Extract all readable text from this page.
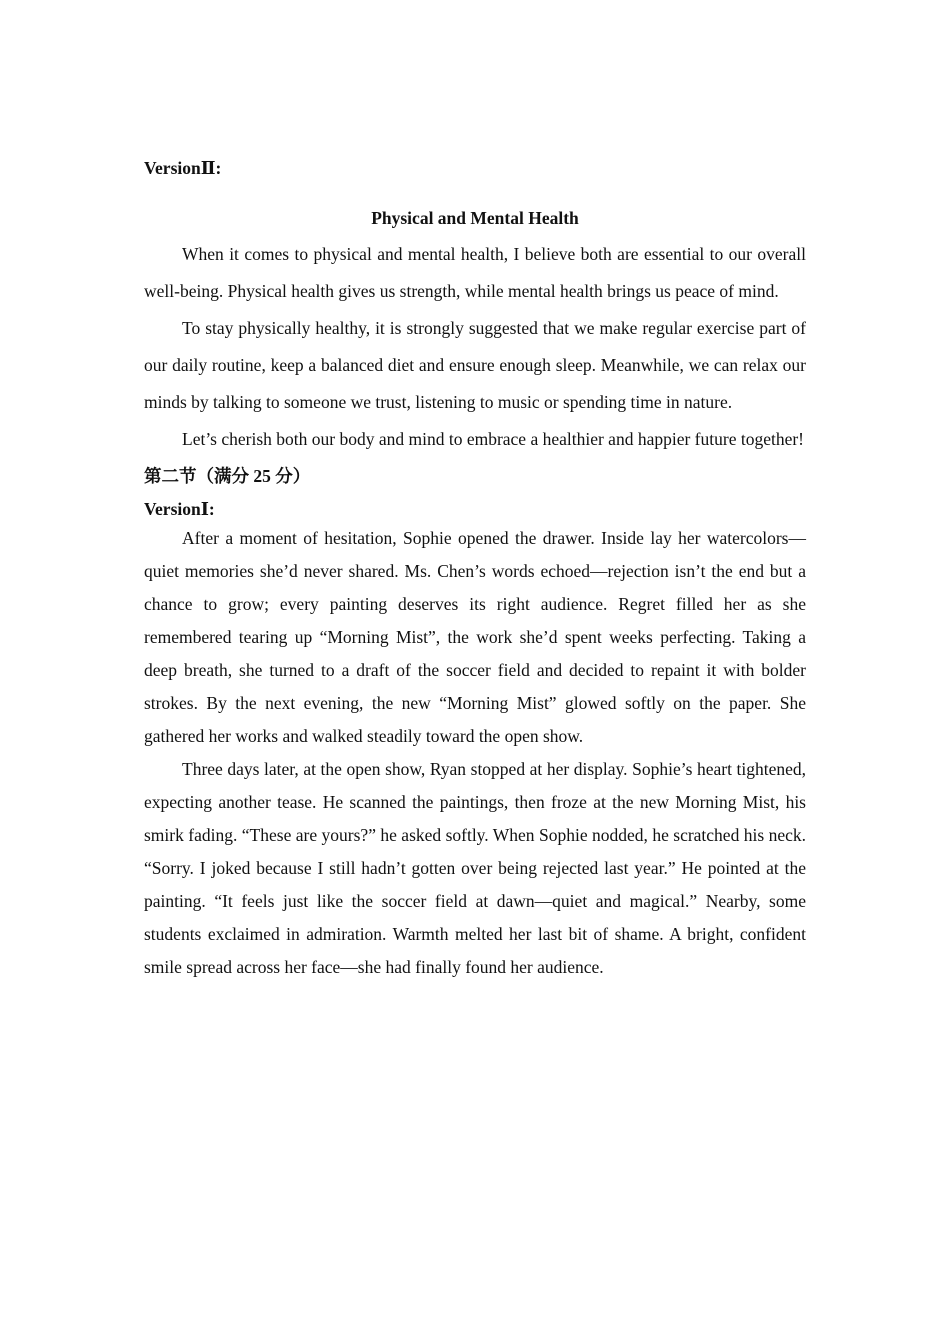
VersionⅡ:

Physical and Mental Health

When it comes to physical and mental health, I believe both are essential to our overall well-being. Physical health gives us strength, while mental health brings us peace of mind.

To stay physically healthy, it is strongly suggested that we make regular exercise part of our daily routine, keep a balanced diet and ensure enough sleep. Meanwhile, we can relax our minds by talking to someone we trust, listening to music or spending time in nature.

Let’s cherish both our body and mind to embrace a healthier and happier future together!

第二节（满分 25 分）

VersionⅠ:

After a moment of hesitation, Sophie opened the drawer. Inside lay her watercolors—quiet memories she’d never shared. Ms. Chen’s words echoed—rejection isn’t the end but a chance to grow; every painting deserves its right audience. Regret filled her as she remembered tearing up “Morning Mist”, the work she’d spent weeks perfecting. Taking a deep breath, she turned to a draft of the soccer field and decided to repaint it with bolder strokes. By the next evening, the new “Morning Mist” glowed softly on the paper. She gathered her works and walked steadily toward the open show.

Three days later, at the open show, Ryan stopped at her display. Sophie’s heart tightened, expecting another tease. He scanned the paintings, then froze at the new Morning Mist, his smirk fading. “These are yours?” he asked softly. When Sophie nodded, he scratched his neck. “Sorry. I joked because I still hadn’t gotten over being rejected last year.” He pointed at the painting. “It feels just like the soccer field at dawn—quiet and magical.” Nearby, some students exclaimed in admiration. Warmth melted her last bit of shame. A bright, confident smile spread across her face—she had finally found her audience.
